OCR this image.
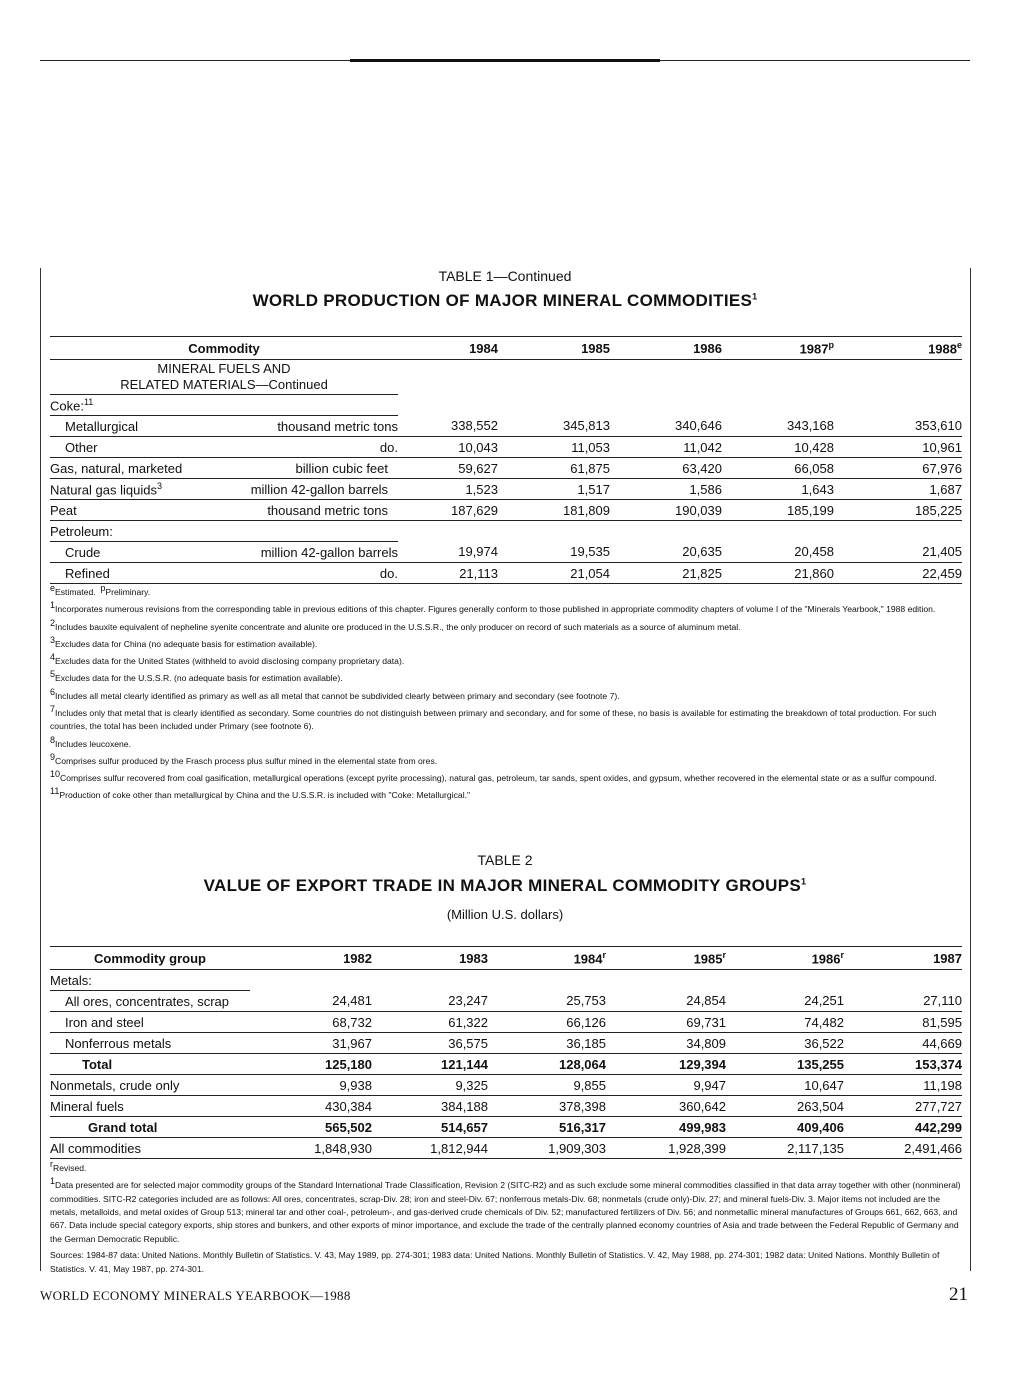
TABLE 1—Continued
WORLD PRODUCTION OF MAJOR MINERAL COMMODITIES$^1$
Commodity	1984	1985	1986	1987$^p$	1988e
MINERAL FUELS AND
RELATED MATERIALS—Continued					
Coke:$^{11}$	
Metallurgical thousand metric tons	338,552	345,813	340,646	343,168	353,610
Other do.	10,043	11,053	11,042	10,428	10,961
Gas, natural, marketed billion cubic feet	59,627	61,875	63,420	66,058	67,976
Natural gas liquids$^3$ million 42-gallon barrels	1,523	1,517	1,586	1,643	1,687
Peat thousand metric tons	187,629	181,809	190,039	185,199	185,225
Petroleum:					
Crude million 42-gallon barrels	19,974	19,535	20,635	20,458	21,405
Refined do.	21,113	21,054	21,825	21,860	22,459

$^e$Estimated. $^p$Preliminary.

$^1$Incorporates numerous revisions from the corresponding table in previous editions of this chapter. Figures generally conform to those published in appropriate commodity chapters of volume I of the "Minerals Yearbook," 1988 edition.

$^2$Includes bauxite equivalent of nepheline syenite concentrate and alunite ore produced in the U.S.S.R., the only producer on record of such materials as a source of aluminum metal.

$^3$Excludes data for China (no adequate basis for estimation available).

$^4$Excludes data for the United States (withheld to avoid disclosing company proprietary data).

$^5$Excludes data for the U.S.S.R. (no adequate basis for estimation available).

$^6$Includes all metal clearly identified as primary as well as all metal that cannot be subdivided clearly between primary and secondary (see footnote 7).

$^7$Includes only that metal that is clearly identified as secondary. Some countries do not distinguish between primary and secondary, and for some of these, no basis is available for estimating the breakdown of total production. For such countries, the total has been included under Primary (see footnote 6).

$^8$Includes leucoxene.

$^9$Comprises sulfur produced by the Frasch process plus sulfur mined in the elemental state from ores.

$^{10}$Comprises sulfur recovered from coal gasification, metallurgical operations (except pyrite processing), natural gas, petroleum, tar sands, spent oxides, and gypsum, whether recovered in the elemental state or as a sulfur compound.

$^{11}$Production of coke other than metallurgical by China and the U.S.S.R. is included with "Coke: Metallurgical."

TABLE 2
VALUE OF EXPORT TRADE IN MAJOR MINERAL COMMODITY GROUPS$^1$
(Million U.S. dollars)
Commodity group	1982	1983	1984$^r$	1985$^r$	1986$^r$	1987
Metals:						
All ores, concentrates, scrap	24,481	23,247	25,753	24,854	24,251	27,110
Iron and steel	68,732	61,322	66,126	69,731	74,482	81,595
Nonferrous metals	31,967	36,575	36,185	34,809	36,522	44,669
Total	125,180	121,144	128,064	129,394	135,255	153,374
Nonmetals, crude only	9,938	9,325	9,855	9,947	10,647	11,198
Mineral fuels	430,384	384,188	378,398	360,642	263,504	277,727
Grand total	565,502	514,657	516,317	499,983	409,406	442,299
All commodities	1,848,930	1,812,944	1,909,303	1,928,399	2,117,135	2,491,466

$^r$Revised.

$^1$Data presented are for selected major commodity groups of the Standard International Trade Classification, Revision 2 (SITC-R2) and as such exclude some mineral commodities classified in that data array together with other (nonmineral) commodities. SITC-R2 categories included are as follows: All ores, concentrates, scrap-Div. 28; iron and steel-Div. 67; nonferrous metals-Div. 68; nonmetals (crude only)-Div. 27; and mineral fuels-Div. 3. Major items not included are the metals, metalloids, and metal oxides of Group 513; mineral tar and other coal-, petroleum-, and gas-derived crude chemicals of Div. 52; manufactured fertilizers of Div. 56; and nonmetallic mineral manufactures of Groups 661, 662, 663, and 667. Data include special category exports, ship stores and bunkers, and other exports of minor importance, and exclude the trade of the centrally planned economy countries of Asia and trade between the Federal Republic of Germany and the German Democratic Republic.

Sources: 1984-87 data: United Nations. Monthly Bulletin of Statistics. V. 43, May 1989, pp. 274-301; 1983 data: United Nations. Monthly Bulletin of Statistics. V. 42, May 1988, pp. 274-301; 1982 data: United Nations. Monthly Bulletin of Statistics. V. 41, May 1987, pp. 274-301.

WORLD ECONOMY MINERALS YEARBOOK—1988	21
